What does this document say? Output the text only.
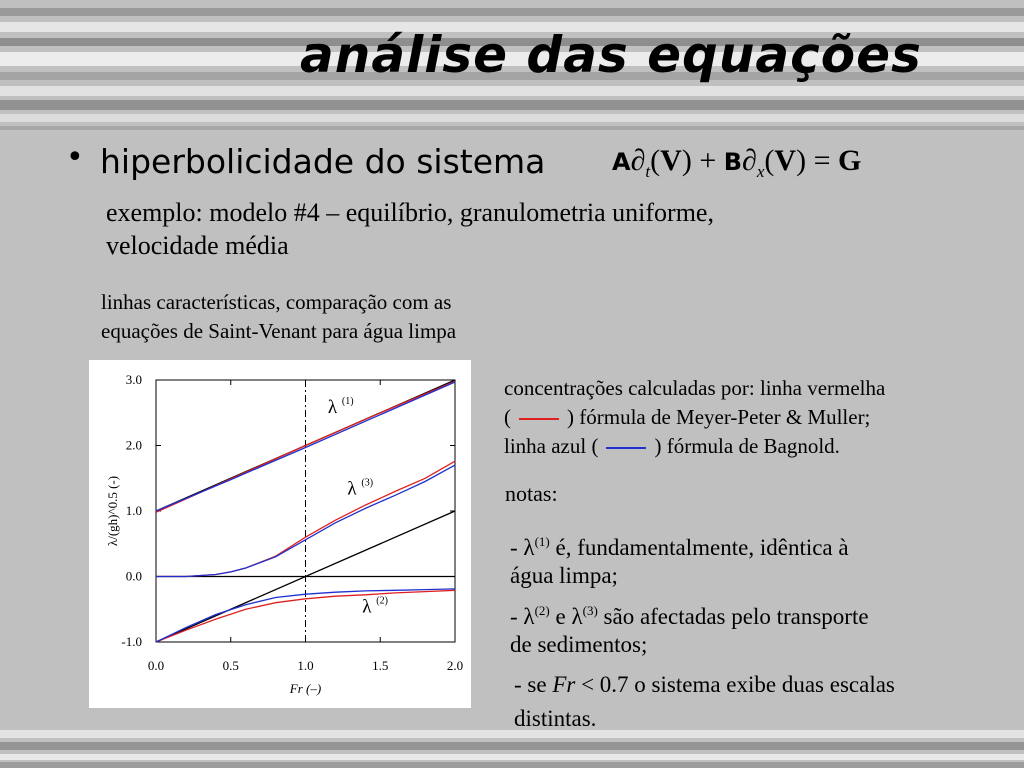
análise das equações
• hiperbolicidade do sistema	$A\partial_t(V) + B\partial_x(V) = G$
exemplo: modelo #4 – equilíbrio, granulometria uniforme,
velocidade média
linhas características, comparação com as
equações de Saint-Venant para água limpa
0.0	0.5	1.0	1.5	2.0
-1.0
0.0
1.0
2.0
3.0
λ (1)
λ (3)
λ (2)
Fr (–)
λ/(gh)^0.5 (-)
concentrações calculadas por: linha vermelha
(	) fórmula de Meyer-Peter & Muller;
linha azul (	) fórmula de Bagnold.
notas:
- $\lambda^{(1)}$ é, fundamentalmente, idêntica à
água limpa;
- $\lambda^{(2)}$ e $\lambda^{(3)}$ são afectadas pelo transporte
de sedimentos;
- se Fr < 0.7 o sistema exibe duas escalas
distintas.
